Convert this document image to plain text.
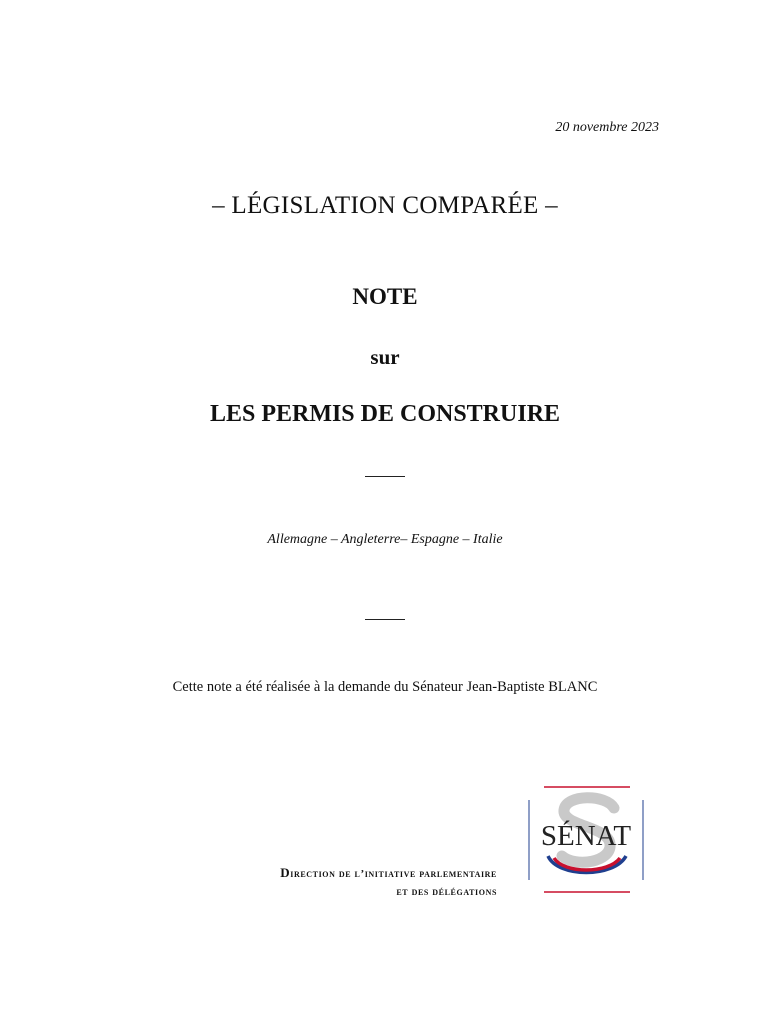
20 novembre 2023
– LÉGISLATION COMPARÉE –
NOTE
sur
LES PERMIS DE CONSTRUIRE
Allemagne – Angleterre– Espagne – Italie
Cette note a été réalisée à la demande du Sénateur Jean-Baptiste BLANC
Direction de l’initiative parlementaire
et des délégations
SÉNAT
